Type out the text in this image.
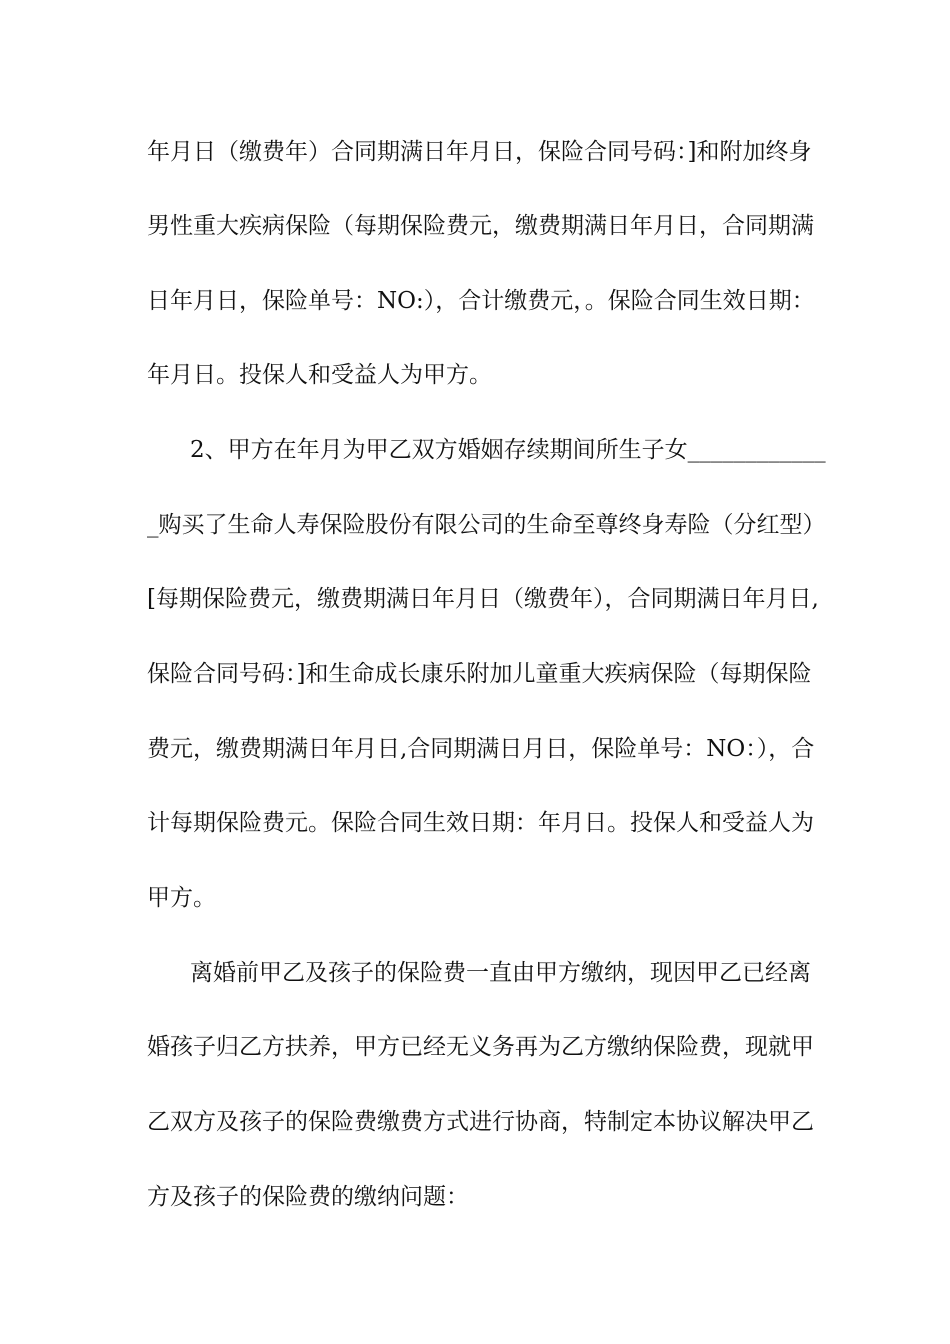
年月日（缴费年）合同期满日年月日，保险合同号码：]和附加终身
男性重大疾病保险（每期保险费元，缴费期满日年月日，合同期满
日年月日，保险单号：NO:），合计缴费元，。保险合同生效日期：
年月日。投保人和受益人为甲方。
2、甲方在年月为甲乙双方婚姻存续期间所生子女____________
_购买了生命人寿保险股份有限公司的生命至尊终身寿险（分红型）
[每期保险费元，缴费期满日年月日（缴费年），合同期满日年月日,
保险合同号码：]和生命成长康乐附加儿童重大疾病保险（每期保险
费元，缴费期满日年月日,合同期满日月日，保险单号：NO：），合
计每期保险费元。保险合同生效日期：年月日。投保人和受益人为
甲方。
离婚前甲乙及孩子的保险费一直由甲方缴纳，现因甲乙已经离
婚孩子归乙方扶养，甲方已经无义务再为乙方缴纳保险费，现就甲
乙双方及孩子的保险费缴费方式进行协商，特制定本协议解决甲乙
方及孩子的保险费的缴纳问题：
